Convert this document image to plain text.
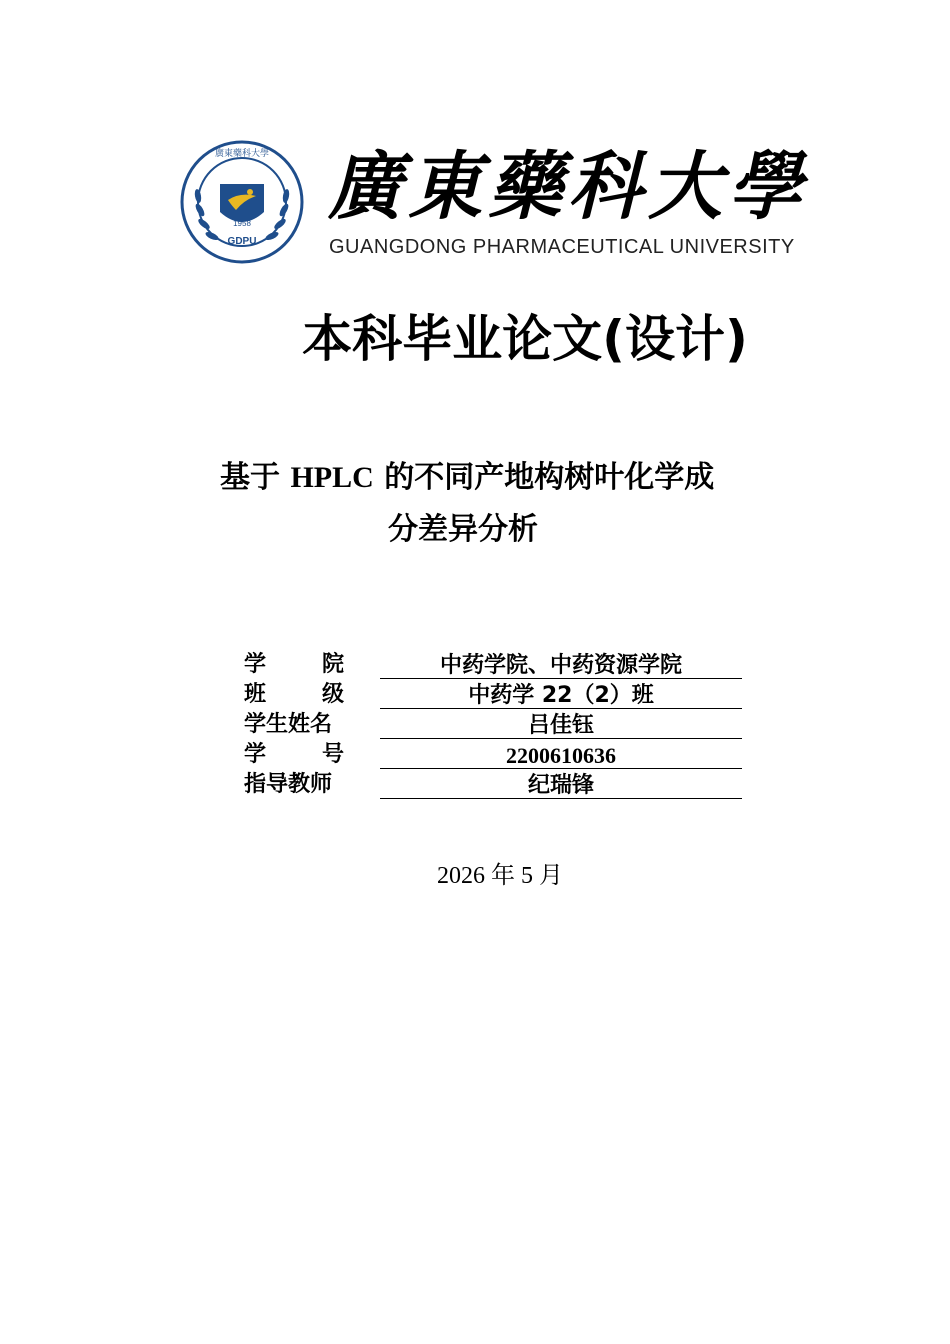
1958
GDPU
廣東藥科大學 廣東藥科大學
GUANGDONG PHARMACEUTICAL UNIVERSITY
本科毕业论文(设计)
基于 HPLC 的不同产地构树叶化学成
分差异分析
学	院	中药学院、中药资源学院
班	级	中药学 22（2）班
学生姓名	吕佳钰
学	号	2200610636
指导教师	纪瑞锋
2026 年 5 月
